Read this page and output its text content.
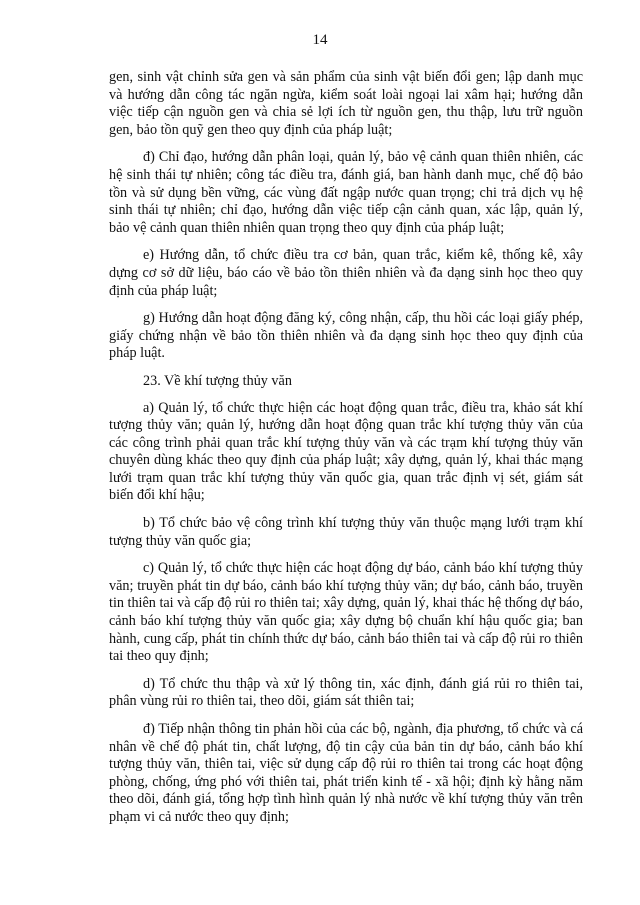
14

gen, sinh vật chỉnh sửa gen và sản phẩm của sinh vật biến đổi gen; lập danh mục và hướng dẫn công tác ngăn ngừa, kiểm soát loài ngoại lai xâm hại; hướng dẫn việc tiếp cận nguồn gen và chia sẻ lợi ích từ nguồn gen, thu thập, lưu trữ nguồn gen, bảo tồn quỹ gen theo quy định của pháp luật;

đ) Chỉ đạo, hướng dẫn phân loại, quản lý, bảo vệ cảnh quan thiên nhiên, các hệ sinh thái tự nhiên; công tác điều tra, đánh giá, ban hành danh mục, chế độ bảo tồn và sử dụng bền vững, các vùng đất ngập nước quan trọng; chi trả dịch vụ hệ sinh thái tự nhiên; chỉ đạo, hướng dẫn việc tiếp cận cảnh quan, xác lập, quản lý, bảo vệ cảnh quan thiên nhiên quan trọng theo quy định của pháp luật;

e) Hướng dẫn, tổ chức điều tra cơ bản, quan trắc, kiểm kê, thống kê, xây dựng cơ sở dữ liệu, báo cáo về bảo tồn thiên nhiên và đa dạng sinh học theo quy định của pháp luật;

g) Hướng dẫn hoạt động đăng ký, công nhận, cấp, thu hồi các loại giấy phép, giấy chứng nhận về bảo tồn thiên nhiên và đa dạng sinh học theo quy định của pháp luật.

23. Về khí tượng thủy văn

a) Quản lý, tổ chức thực hiện các hoạt động quan trắc, điều tra, khảo sát khí tượng thủy văn; quản lý, hướng dẫn hoạt động quan trắc khí tượng thủy văn của các công trình phải quan trắc khí tượng thủy văn và các trạm khí tượng thủy văn chuyên dùng khác theo quy định của pháp luật; xây dựng, quản lý, khai thác mạng lưới trạm quan trắc khí tượng thủy văn quốc gia, quan trắc định vị sét, giám sát biến đổi khí hậu;

b) Tổ chức bảo vệ công trình khí tượng thủy văn thuộc mạng lưới trạm khí tượng thủy văn quốc gia;

c) Quản lý, tổ chức thực hiện các hoạt động dự báo, cảnh báo khí tượng thủy văn; truyền phát tin dự báo, cảnh báo khí tượng thủy văn; dự báo, cảnh báo, truyền tin thiên tai và cấp độ rủi ro thiên tai; xây dựng, quản lý, khai thác hệ thống dự báo, cảnh báo khí tượng thủy văn quốc gia; xây dựng bộ chuẩn khí hậu quốc gia; ban hành, cung cấp, phát tin chính thức dự báo, cảnh báo thiên tai và cấp độ rủi ro thiên tai theo quy định;

d) Tổ chức thu thập và xử lý thông tin, xác định, đánh giá rủi ro thiên tai, phân vùng rủi ro thiên tai, theo dõi, giám sát thiên tai;

đ) Tiếp nhận thông tin phản hồi của các bộ, ngành, địa phương, tổ chức và cá nhân về chế độ phát tin, chất lượng, độ tin cậy của bản tin dự báo, cảnh báo khí tượng thủy văn, thiên tai, việc sử dụng cấp độ rủi ro thiên tai trong các hoạt động phòng, chống, ứng phó với thiên tai, phát triển kinh tế - xã hội; định kỳ hằng năm theo dõi, đánh giá, tổng hợp tình hình quản lý nhà nước về khí tượng thủy văn trên phạm vi cả nước theo quy định;
